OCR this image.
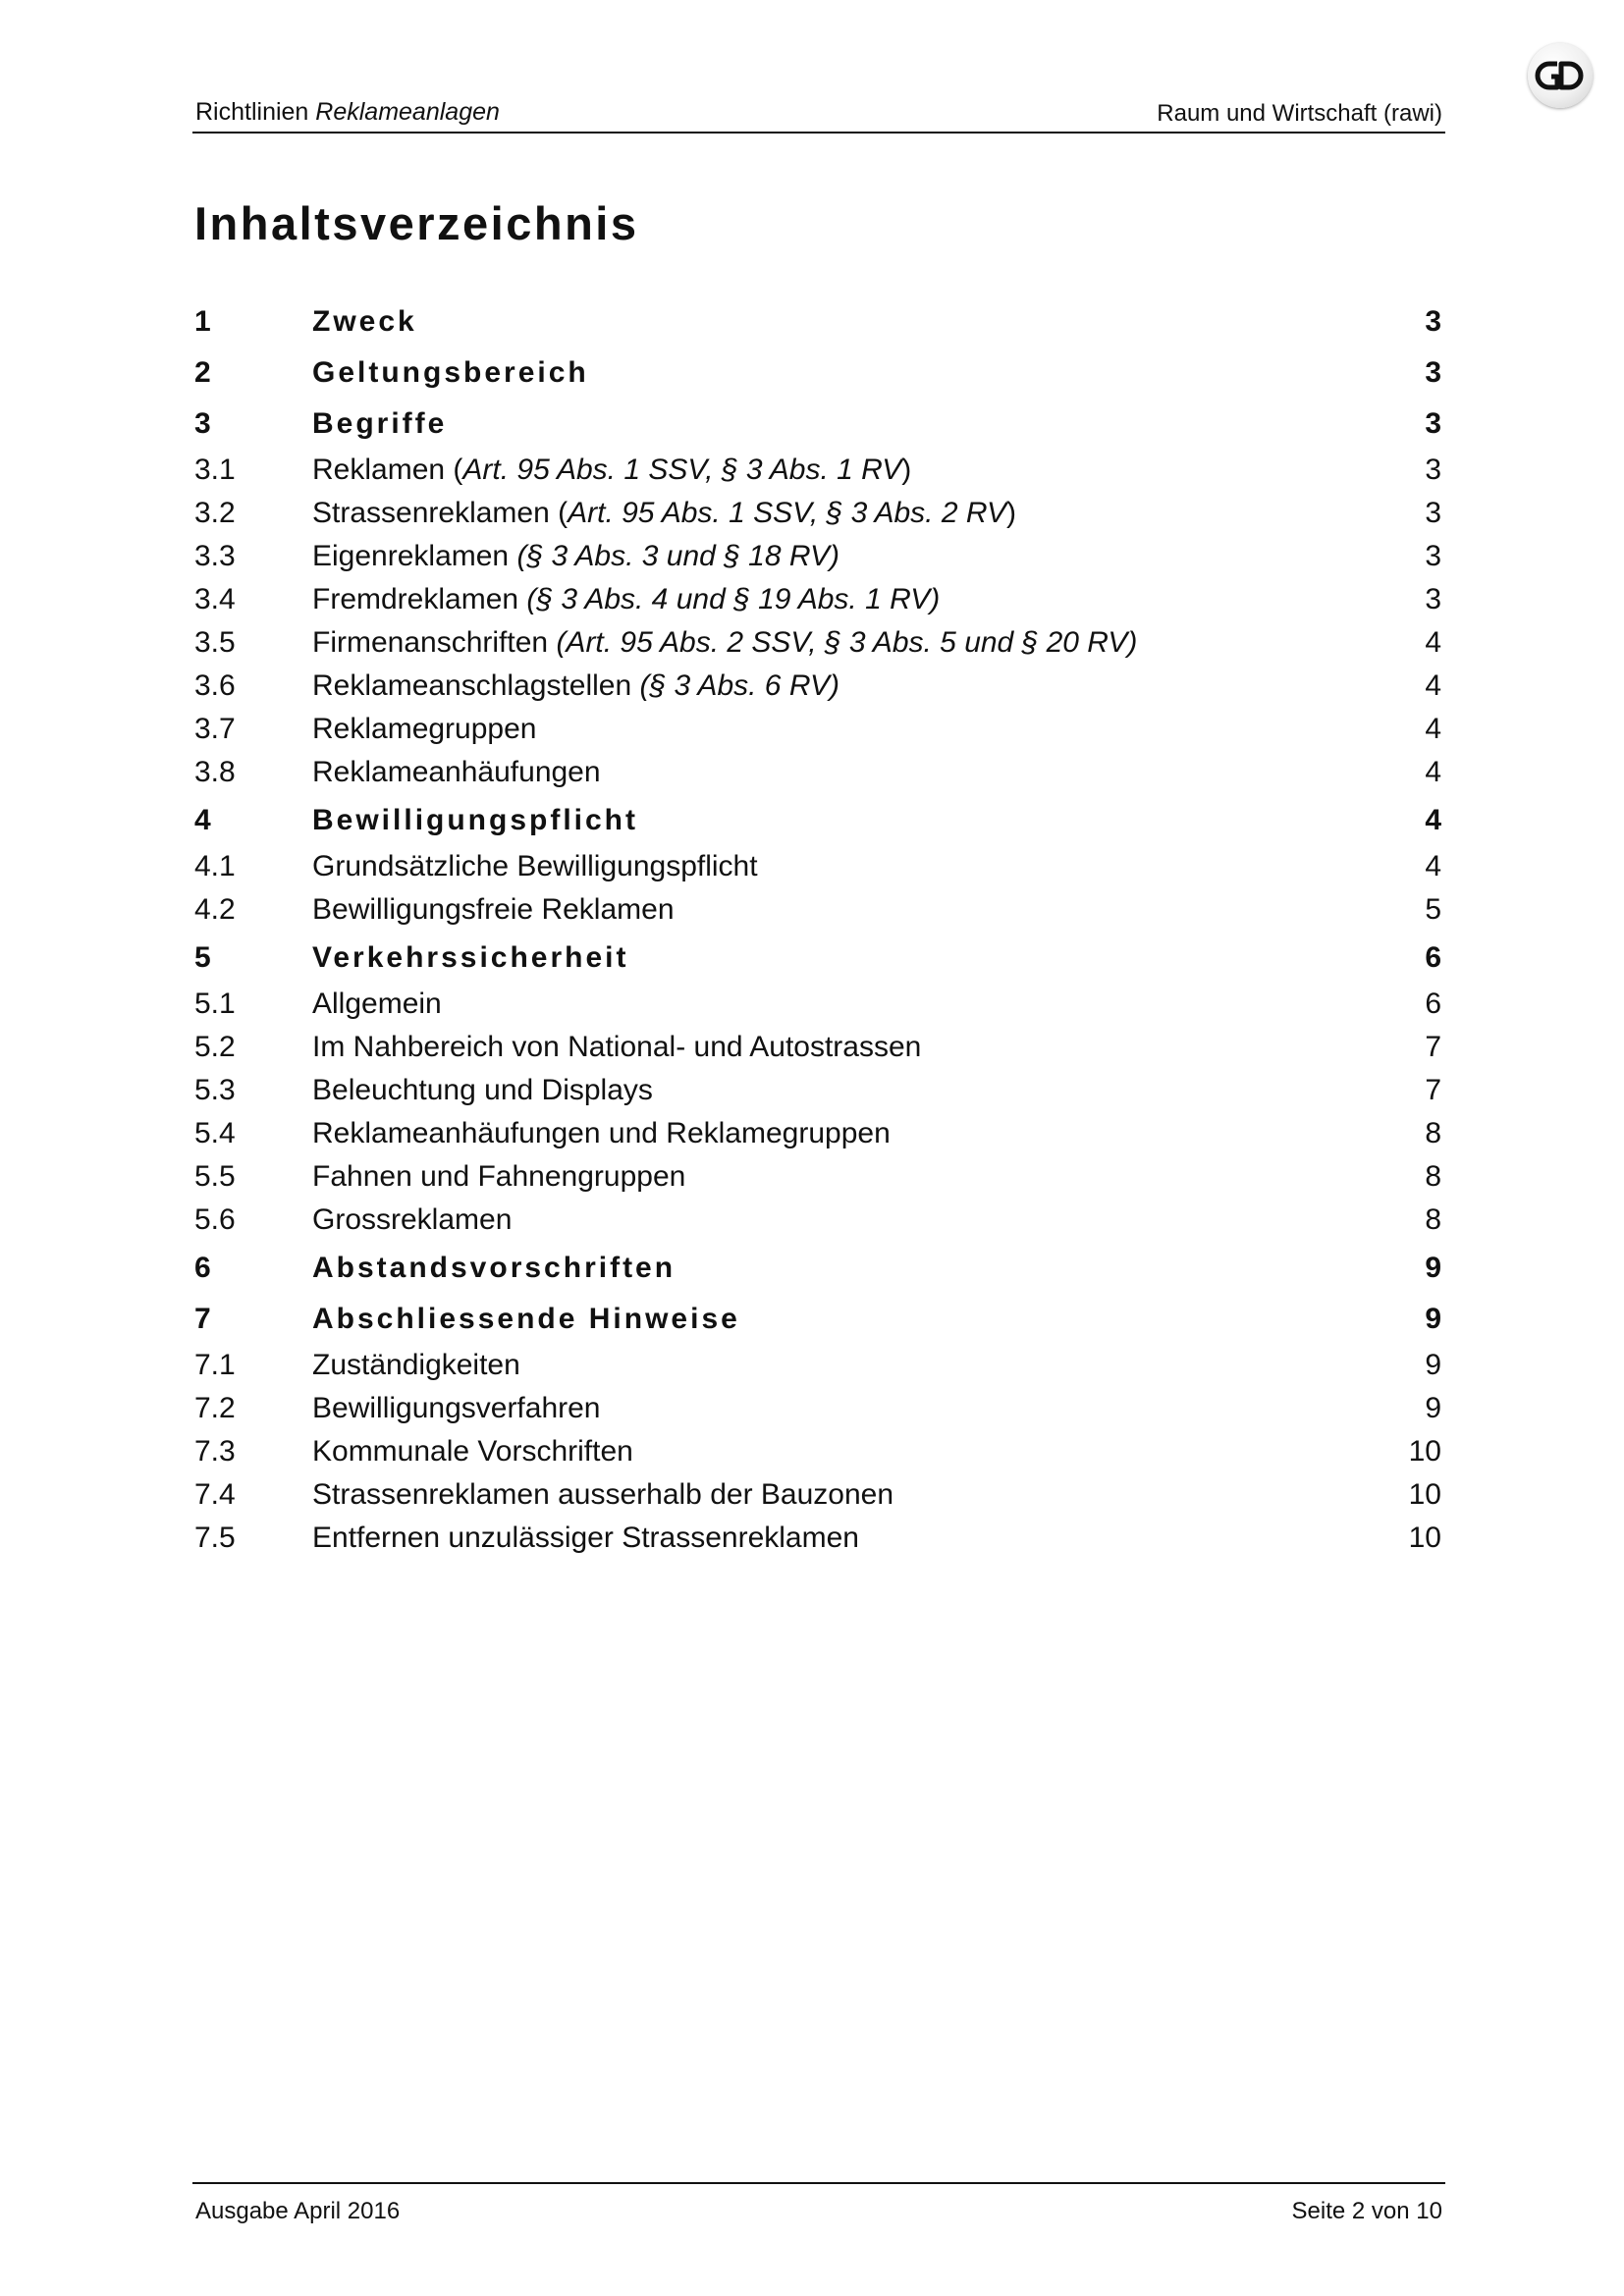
Richtlinien Reklameanlagen	Raum und Wirtschaft (rawi)
Inhaltsverzeichnis
1	Zweck	3
2	Geltungsbereich	3
3	Begriffe	3
3.1	Reklamen (Art. 95 Abs. 1 SSV, § 3 Abs. 1 RV)	3
3.2	Strassenreklamen (Art. 95 Abs. 1 SSV, § 3 Abs. 2 RV)	3
3.3	Eigenreklamen (§ 3 Abs. 3 und § 18 RV)	3
3.4	Fremdreklamen (§ 3 Abs. 4 und § 19 Abs. 1 RV)	3
3.5	Firmenanschriften (Art. 95 Abs. 2 SSV, § 3 Abs. 5 und § 20 RV)	4
3.6	Reklameanschlagstellen (§ 3 Abs. 6 RV)	4
3.7	Reklamegruppen	4
3.8	Reklameanhäufungen	4
4	Bewilligungspflicht	4
4.1	Grundsätzliche Bewilligungspflicht	4
4.2	Bewilligungsfreie Reklamen	5
5	Verkehrssicherheit	6
5.1	Allgemein	6
5.2	Im Nahbereich von National- und Autostrassen	7
5.3	Beleuchtung und Displays	7
5.4	Reklameanhäufungen und Reklamegruppen	8
5.5	Fahnen und Fahnengruppen	8
5.6	Grossreklamen	8
6	Abstandsvorschriften	9
7	Abschliessende Hinweise	9
7.1	Zuständigkeiten	9
7.2	Bewilligungsverfahren	9
7.3	Kommunale Vorschriften	10
7.4	Strassenreklamen ausserhalb der Bauzonen	10
7.5	Entfernen unzulässiger Strassenreklamen	10
Ausgabe April 2016	Seite 2 von 10
